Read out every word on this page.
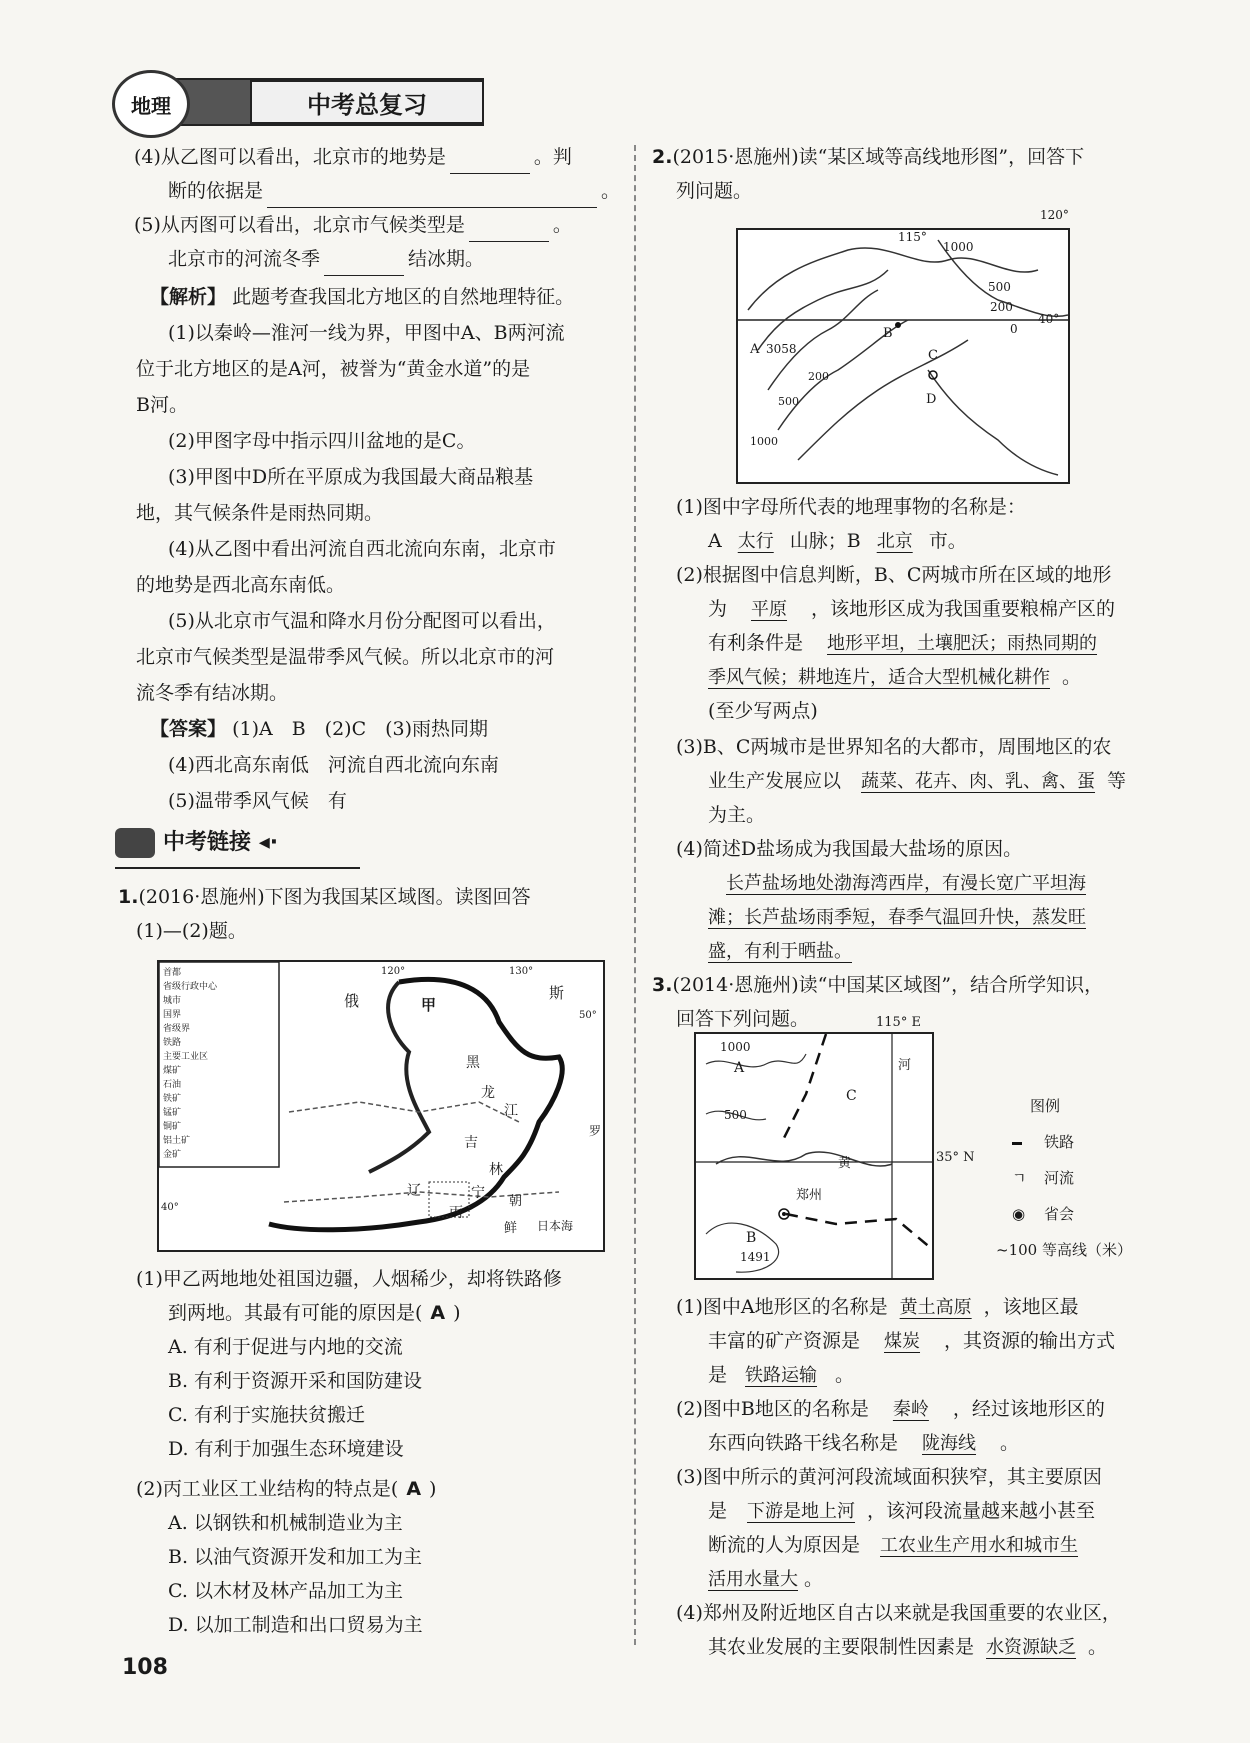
地理	中考总复习
(4)从乙图可以看出，北京市的地势是	。判
断的依据是	。
(5)从丙图可以看出，北京市气候类型是	。
北京市的河流冬季	结冰期。
【解析】 此题考查我国北方地区的自然地理特征。
(1)以秦岭—淮河一线为界，甲图中A、B两河流
位于北方地区的是A河，被誉为“黄金水道”的是
B河。
(2)甲图字母中指示四川盆地的是C。
(3)甲图中D所在平原成为我国最大商品粮基
地，其气候条件是雨热同期。
(4)从乙图中看出河流自西北流向东南，北京市
的地势是西北高东南低。
(5)从北京市气温和降水月份分配图可以看出，
北京市气候类型是温带季风气候。所以北京市的河
流冬季有结冰期。
【答案】 (1)A　B　(2)C　(3)雨热同期
(4)西北高东南低　河流自西北流向东南
(5)温带季风气候　有
中考链接 ◂·
1.(2016·恩施州)下图为我国某区域图。读图回答
(1)—(2)题。
首都
省级行政中心
城市
国界
省级界
铁路
主要工业区
煤矿
石油
铁矿
锰矿
铜矿
铝土矿
金矿
俄	斯
甲
黑
龙
江
罗
吉
林
辽	宁
丙
朝
鲜 日本海
120°	130°
50°
40°
(1)甲乙两地地处祖国边疆，人烟稀少，却将铁路修
到两地。其最有可能的原因是( A )
A. 有利于促进与内地的交流
B. 有利于资源开采和国防建设
C. 有利于实施扶贫搬迁
D. 有利于加强生态环境建设
(2)丙工业区工业结构的特点是( A )
A. 以钢铁和机械制造业为主
B. 以油气资源开发和加工为主
C. 以木材及林产品加工为主
D. 以加工制造和出口贸易为主
2.(2015·恩施州)读“某区域等高线地形图”，回答下
列问题。
115°
40°
1000
500
200
0
A 3058
B
C
D
500
200
1000
120°
(1)图中字母所代表的地理事物的名称是：
A 太行 山脉；B 北京 市。
(2)根据图中信息判断，B、C两城市所在区域的地形
为 平原 ，该地形区成为我国重要粮棉产区的
有利条件是 地形平坦，土壤肥沃；雨热同期的
季风气候；耕地连片，适合大型机械化耕作 。
(至少写两点)
(3)B、C两城市是世界知名的大都市，周围地区的农
业生产发展应以 蔬菜、花卉、肉、乳、禽、蛋 等
为主。
(4)简述D盐场成为我国最大盐场的原因。
长芦盐场地处渤海湾西岸，有漫长宽广平坦海
滩；长芦盐场雨季短，春季气温回升快，蒸发旺
盛，有利于晒盐。
3.(2014·恩施州)读“中国某区域图”，结合所学知识，
回答下列问题。
1000
A
C
河
500
黄
郑州
B
1491
115° E
35° N
图例
铁路
ㄱ 河流
◉ 省会
~100 等高线（米）
(1)图中A地形区的名称是 黄土高原 ，该地区最
丰富的矿产资源是 煤炭 ，其资源的输出方式
是 铁路运输 。
(2)图中B地区的名称是 秦岭 ，经过该地形区的
东西向铁路干线名称是 陇海线 。
(3)图中所示的黄河河段流域面积狭窄，其主要原因
是 下游是地上河 ，该河段流量越来越小甚至
断流的人为原因是 工农业生产用水和城市生
活用水量大 。
(4)郑州及附近地区自古以来就是我国重要的农业区，
其农业发展的主要限制性因素是 水资源缺乏 。
108
